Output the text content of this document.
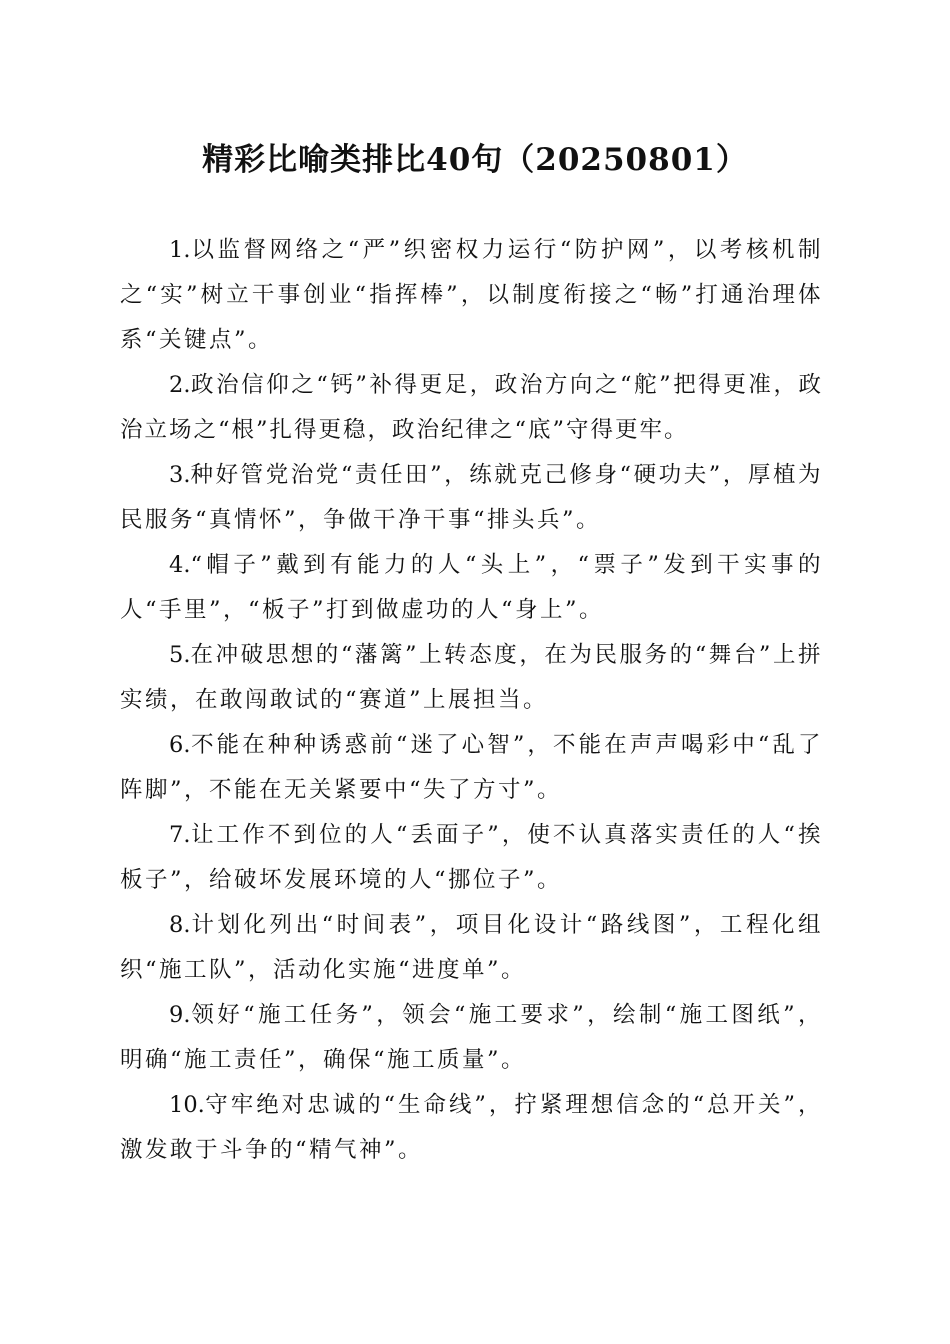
精彩比喻类排比40句（20250801）

1.以监督网络之“严”织密权力运行“防护网”，以考核机制之“实”树立干事创业“指挥棒”，以制度衔接之“畅”打通治理体系“关键点”。

2.政治信仰之“钙”补得更足，政治方向之“舵”把得更准，政治立场之“根”扎得更稳，政治纪律之“底”守得更牢。

3.种好管党治党“责任田”，练就克己修身“硬功夫”，厚植为民服务“真情怀”，争做干净干事“排头兵”。

4.“帽子”戴到有能力的人“头上”，“票子”发到干实事的人“手里”，“板子”打到做虚功的人“身上”。

5.在冲破思想的“藩篱”上转态度，在为民服务的“舞台”上拼实绩，在敢闯敢试的“赛道”上展担当。

6.不能在种种诱惑前“迷了心智”，不能在声声喝彩中“乱了阵脚”，不能在无关紧要中“失了方寸”。

7.让工作不到位的人“丢面子”，使不认真落实责任的人“挨板子”，给破坏发展环境的人“挪位子”。

8.计划化列出“时间表”，项目化设计“路线图”，工程化组织“施工队”，活动化实施“进度单”。

9.领好“施工任务”，领会“施工要求”，绘制“施工图纸”，明确“施工责任”，确保“施工质量”。

10.守牢绝对忠诚的“生命线”，拧紧理想信念的“总开关”，激发敢于斗争的“精气神”。
